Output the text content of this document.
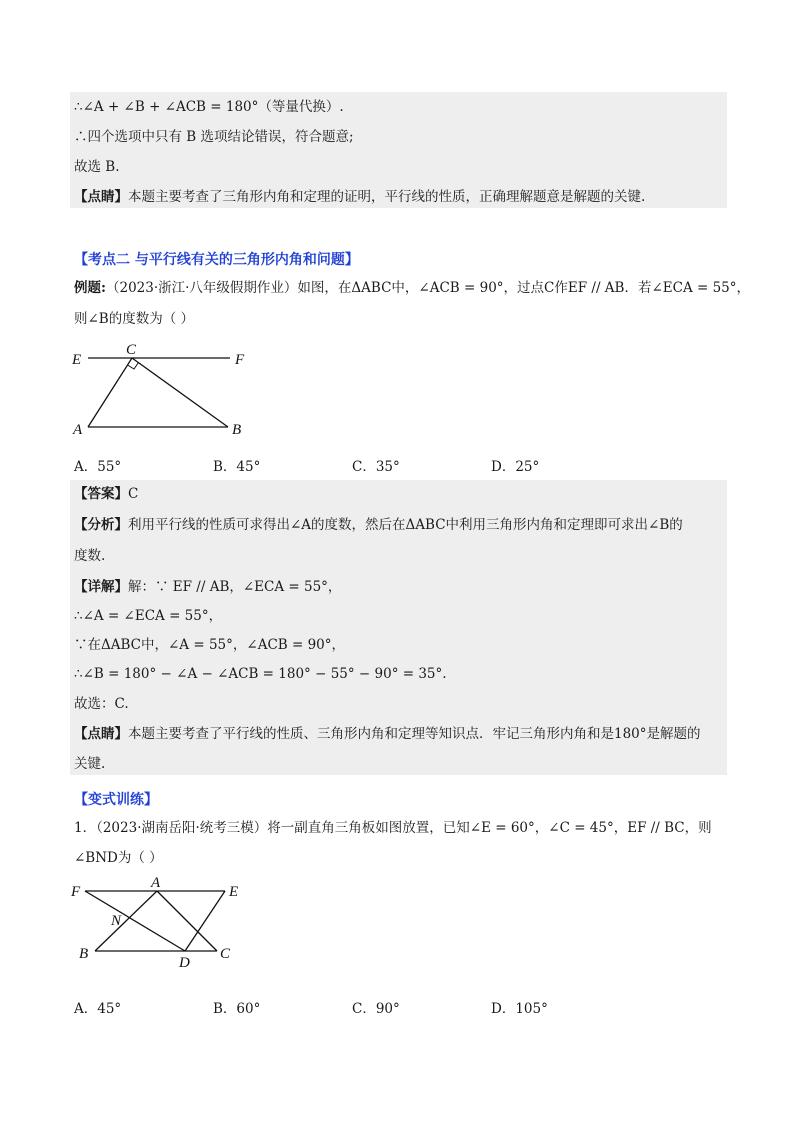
∴∠A + ∠B + ∠ACB = 180°（等量代换）.
∴四个选项中只有 B 选项结论错误，符合题意;
故选 B.
【点睛】本题主要考查了三角形内角和定理的证明，平行线的性质，正确理解题意是解题的关键.
【考点二 与平行线有关的三角形内角和问题】
例题:（2023·浙江·八年级假期作业）如图，在ΔABC中，∠ACB = 90°，过点C作EF // AB．若∠ECA = 55°，
则∠B的度数为（ ）
E
C
F
A	B
A．55°	B．45°	C．35°	D．25°
【答案】C
【分析】利用平行线的性质可求得出∠A的度数，然后在ΔABC中利用三角形内角和定理即可求出∠B的
度数.
【详解】解：∵ EF // AB，∠ECA = 55°，
∴∠A = ∠ECA = 55°，
∵在ΔABC中，∠A = 55°，∠ACB = 90°，
∴∠B = 180° − ∠A − ∠ACB = 180° − 55° − 90° = 35°.
故选：C.
【点睛】本题主要考查了平行线的性质、三角形内角和定理等知识点．牢记三角形内角和是180°是解题的
关键.
【变式训练】
1．（2023·湖南岳阳·统考三模）将一副直角三角板如图放置，已知∠E = 60°，∠C = 45°，EF // BC，则
∠BND为（ ）
F
A
E
N
B
D
C
A．45°	B．60°	C．90°	D．105°
